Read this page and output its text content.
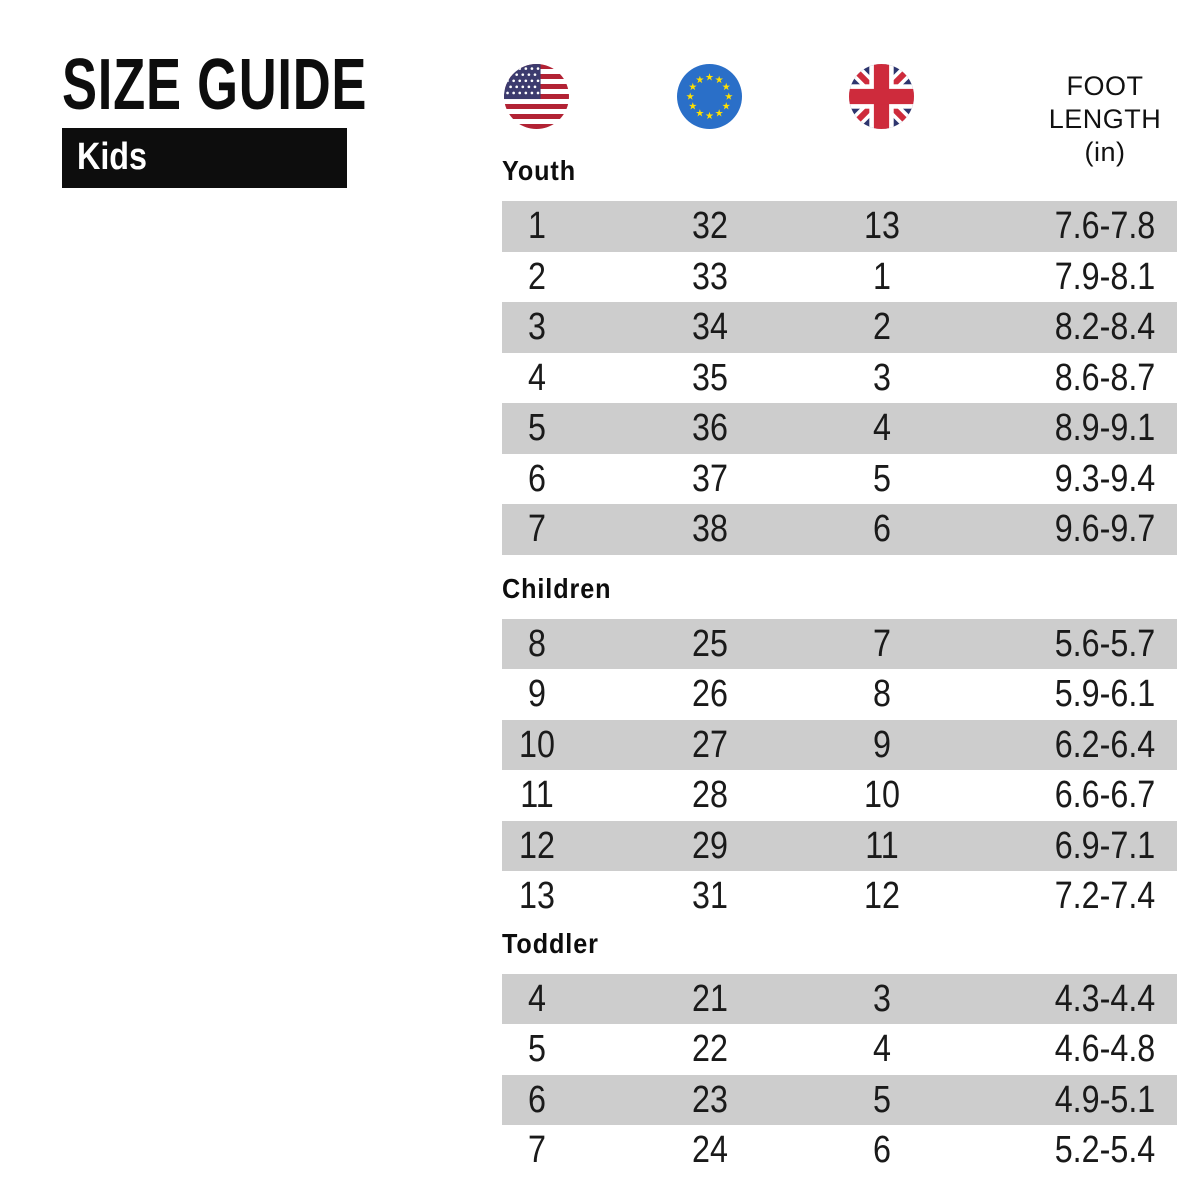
SIZE GUIDE
Kids
FOOT
LENGTH
(in)
Youth
1	32	13	7.6-7.8
2	33	1	7.9-8.1
3	34	2	8.2-8.4
4	35	3	8.6-8.7
5	36	4	8.9-9.1
6	37	5	9.3-9.4
7	38	6	9.6-9.7
Children
8	25	7	5.6-5.7
9	26	8	5.9-6.1
10	27	9	6.2-6.4
11	28	10	6.6-6.7
12	29	11	6.9-7.1
13	31	12	7.2-7.4
Toddler
4	21	3	4.3-4.4
5	22	4	4.6-4.8
6	23	5	4.9-5.1
7	24	6	5.2-5.4
